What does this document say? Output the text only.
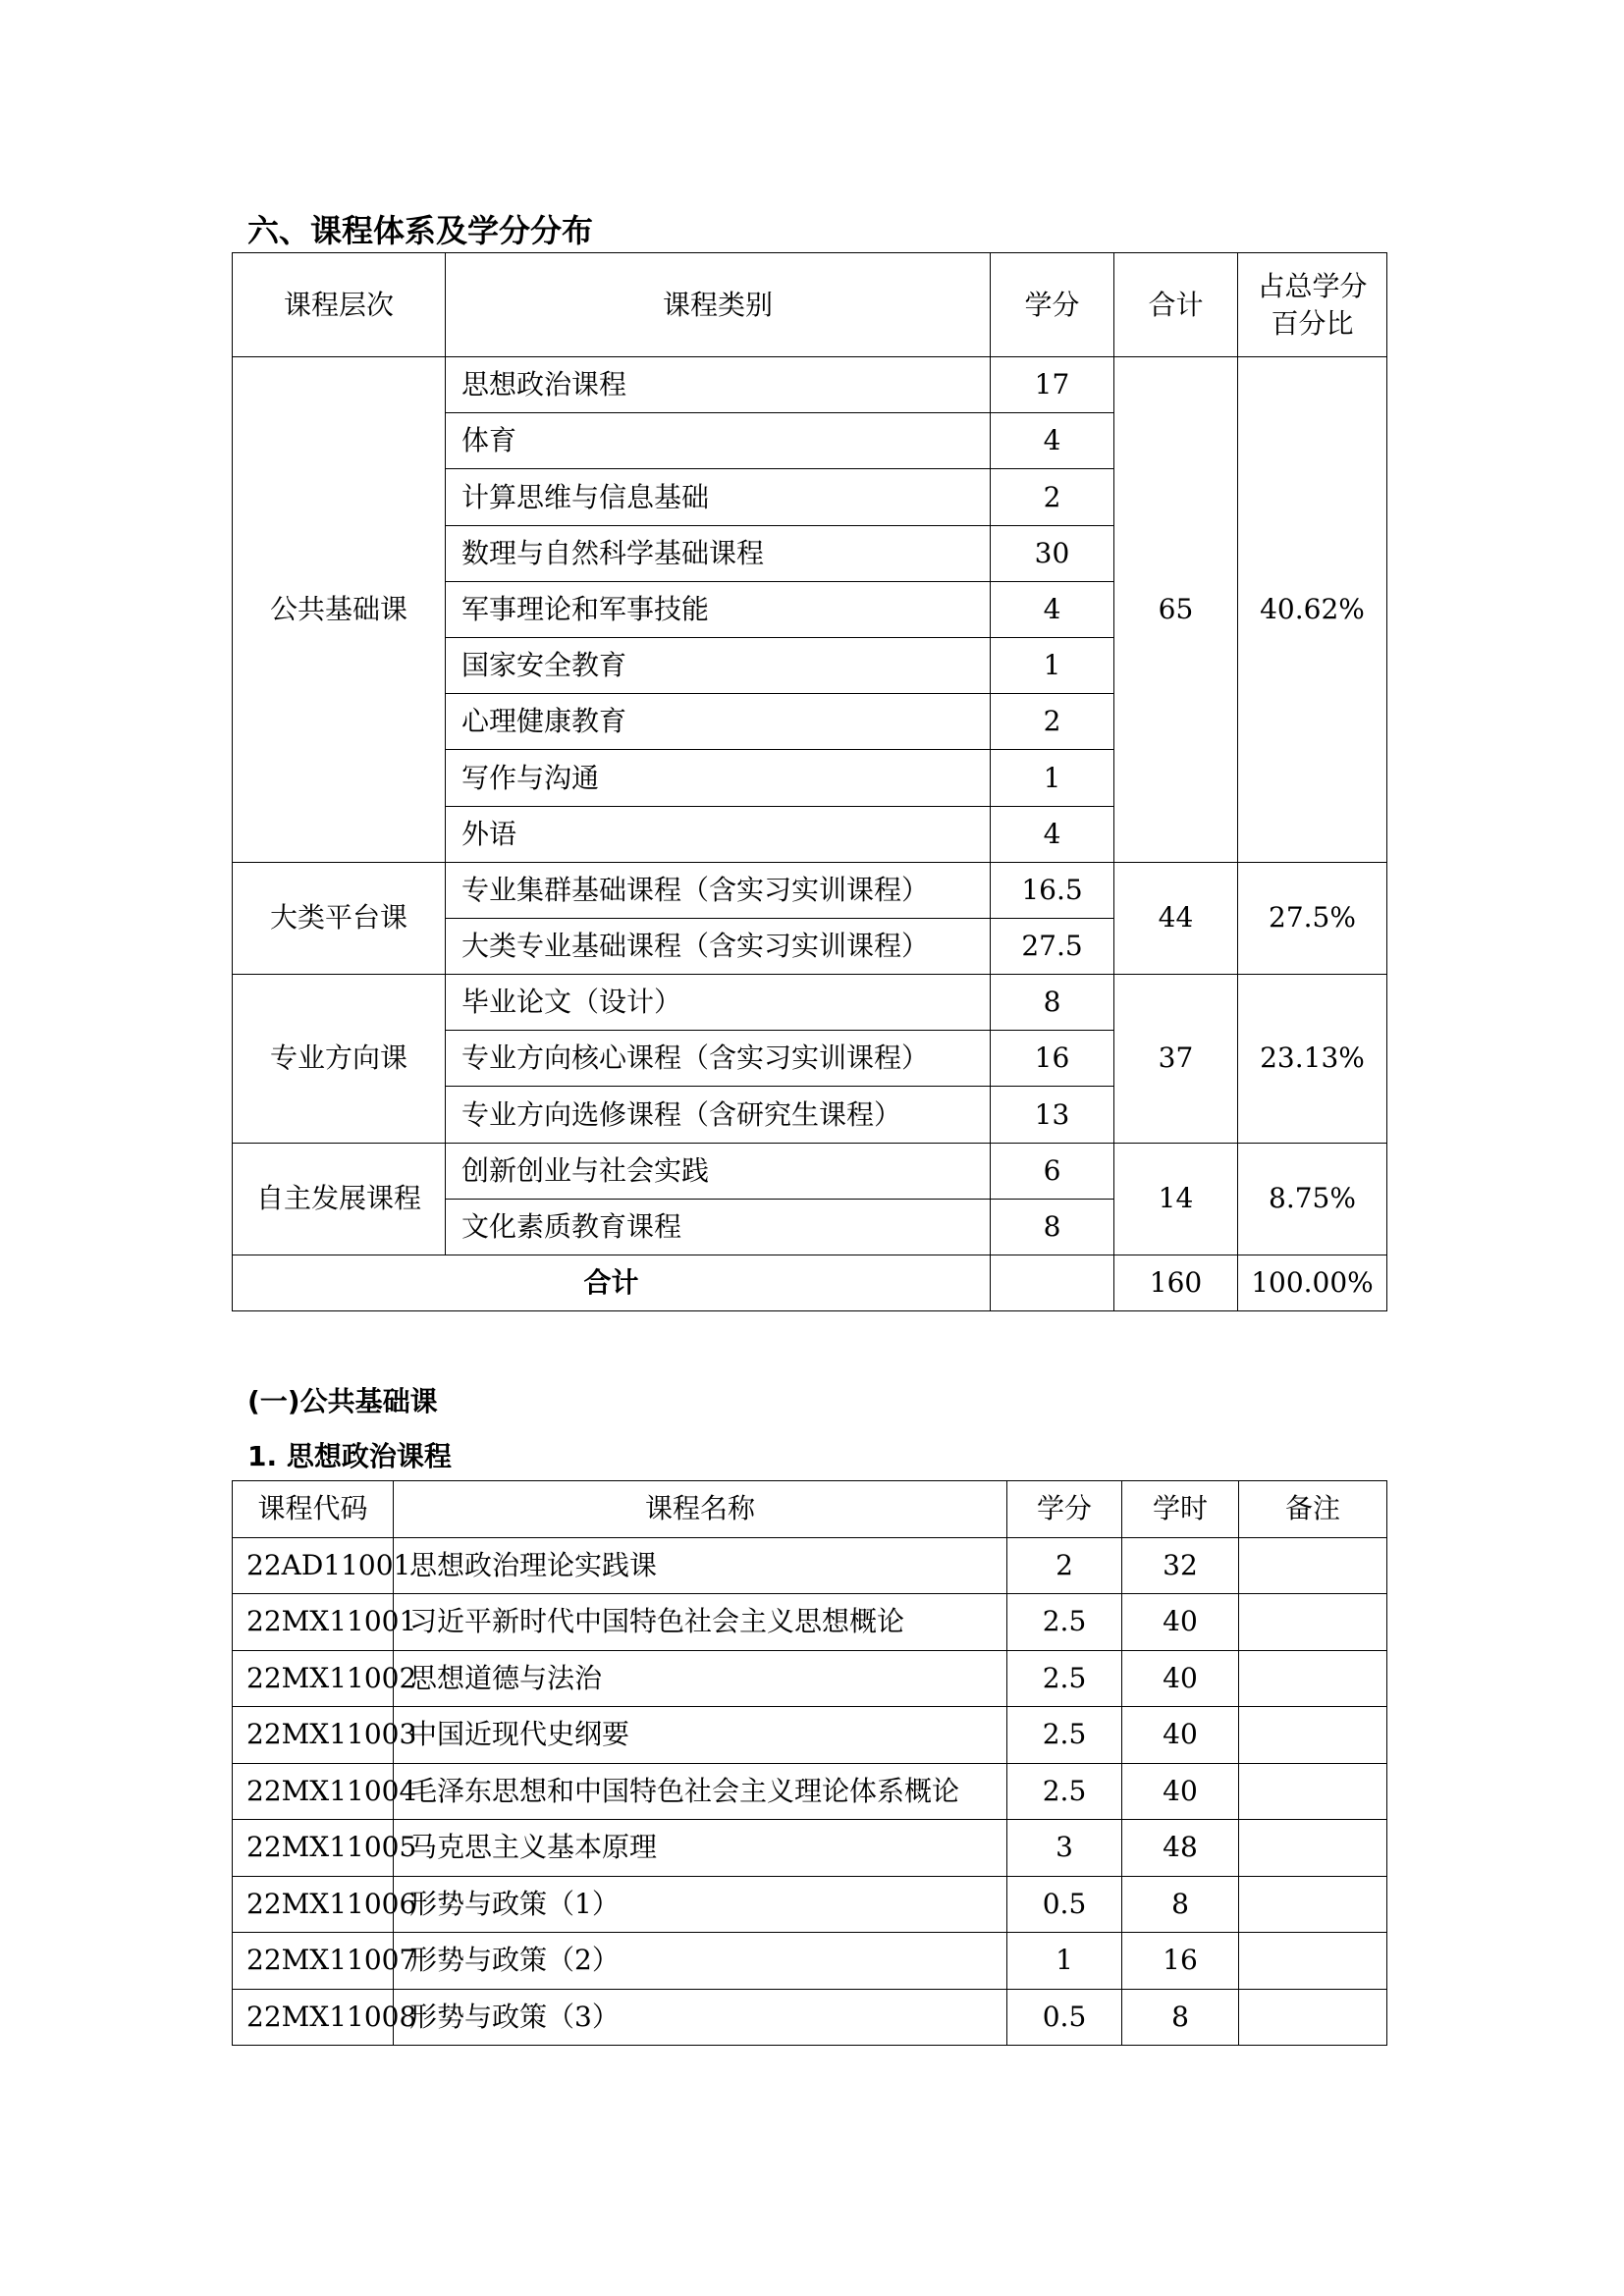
六、课程体系及学分分布
课程层次	课程类别	学分	合计	占总学分
百分比
公共基础课	思想政治课程	17	65	40.62%
	体育	4		
	计算思维与信息基础	2		
	数理与自然科学基础课程	30		
	军事理论和军事技能	4		
	国家安全教育	1		
	心理健康教育	2		
	写作与沟通	1		
	外语	4		
大类平台课	专业集群基础课程（含实习实训课程）	16.5	44	27.5%
	大类专业基础课程（含实习实训课程）	27.5		
专业方向课	毕业论文（设计）	8	37	23.13%
	专业方向核心课程（含实习实训课程）	16		
	专业方向选修课程（含研究生课程）	13		
自主发展课程	创新创业与社会实践	6	14	8.75%
	文化素质教育课程	8		
合计			160	100.00%
(一)公共基础课
1. 思想政治课程
课程代码	课程名称	学分	学时	备注
22AD11001	思想政治理论实践课	2	32	
22MX11001	习近平新时代中国特色社会主义思想概论	2.5	40	
22MX11002	思想道德与法治	2.5	40	
22MX11003	中国近现代史纲要	2.5	40	
22MX11004	毛泽东思想和中国特色社会主义理论体系概论	2.5	40	
22MX11005	马克思主义基本原理	3	48	
22MX11006	形势与政策（1）	0.5	8	
22MX11007	形势与政策（2）	1	16	
22MX11008	形势与政策（3）	0.5	8	
